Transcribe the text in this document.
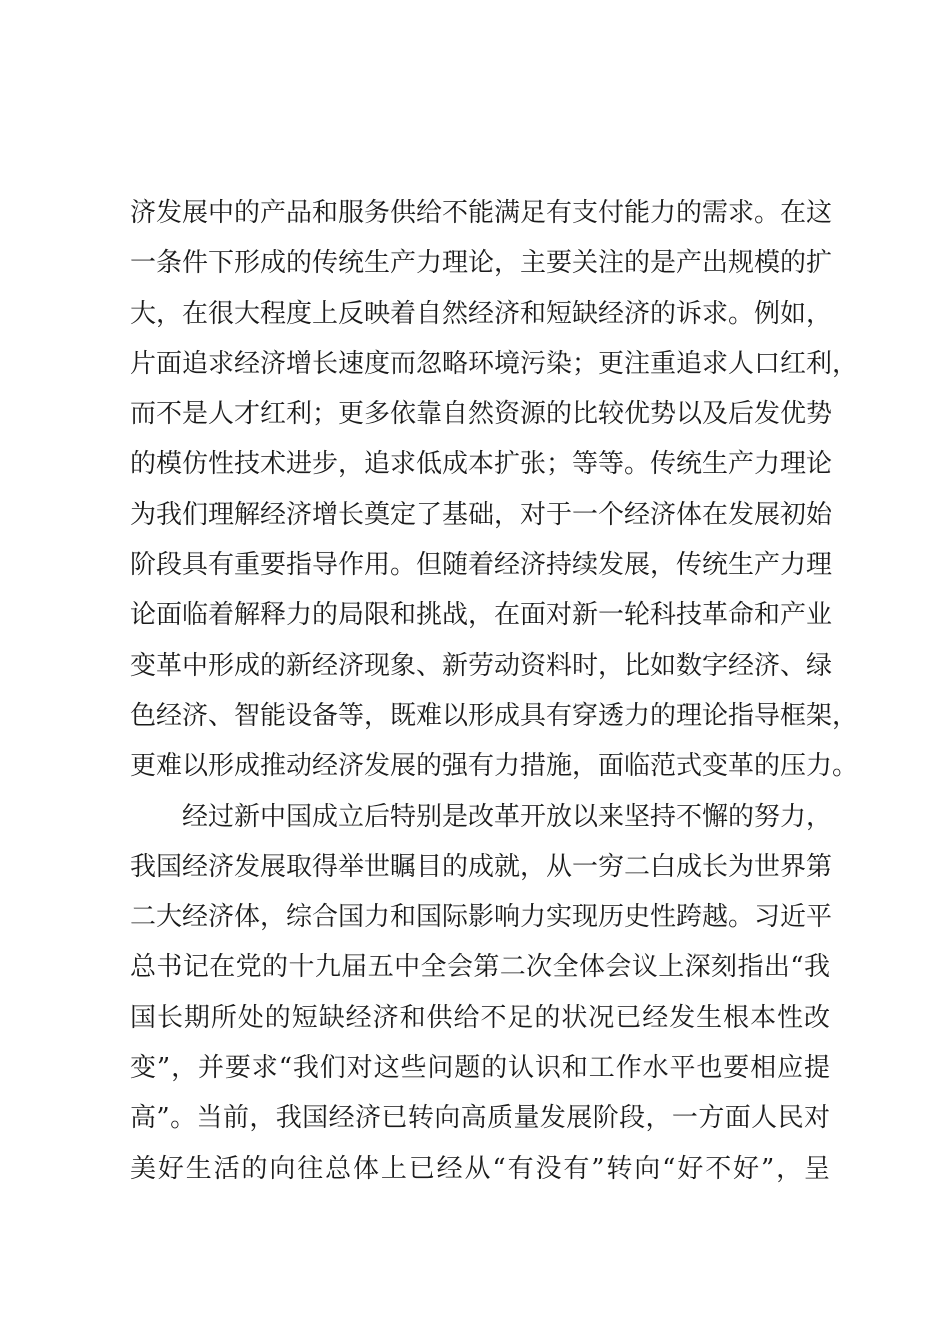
济发展中的产品和服务供给不能满足有支付能力的需求。在这
一条件下形成的传统生产力理论，主要关注的是产出规模的扩
大，在很大程度上反映着自然经济和短缺经济的诉求。例如，
片面追求经济增长速度而忽略环境污染；更注重追求人口红利，
而不是人才红利；更多依靠自然资源的比较优势以及后发优势
的模仿性技术进步，追求低成本扩张；等等。传统生产力理论
为我们理解经济增长奠定了基础，对于一个经济体在发展初始
阶段具有重要指导作用。但随着经济持续发展，传统生产力理
论面临着解释力的局限和挑战，在面对新一轮科技革命和产业
变革中形成的新经济现象、新劳动资料时，比如数字经济、绿
色经济、智能设备等，既难以形成具有穿透力的理论指导框架，
更难以形成推动经济发展的强有力措施，面临范式变革的压力。
经过新中国成立后特别是改革开放以来坚持不懈的努力，
我国经济发展取得举世瞩目的成就，从一穷二白成长为世界第
二大经济体，综合国力和国际影响力实现历史性跨越。习近平
总书记在党的十九届五中全会第二次全体会议上深刻指出“我
国长期所处的短缺经济和供给不足的状况已经发生根本性改
变”，并要求“我们对这些问题的认识和工作水平也要相应提
高”。当前，我国经济已转向高质量发展阶段，一方面人民对
美好生活的向往总体上已经从“有没有”转向“好不好”，呈
